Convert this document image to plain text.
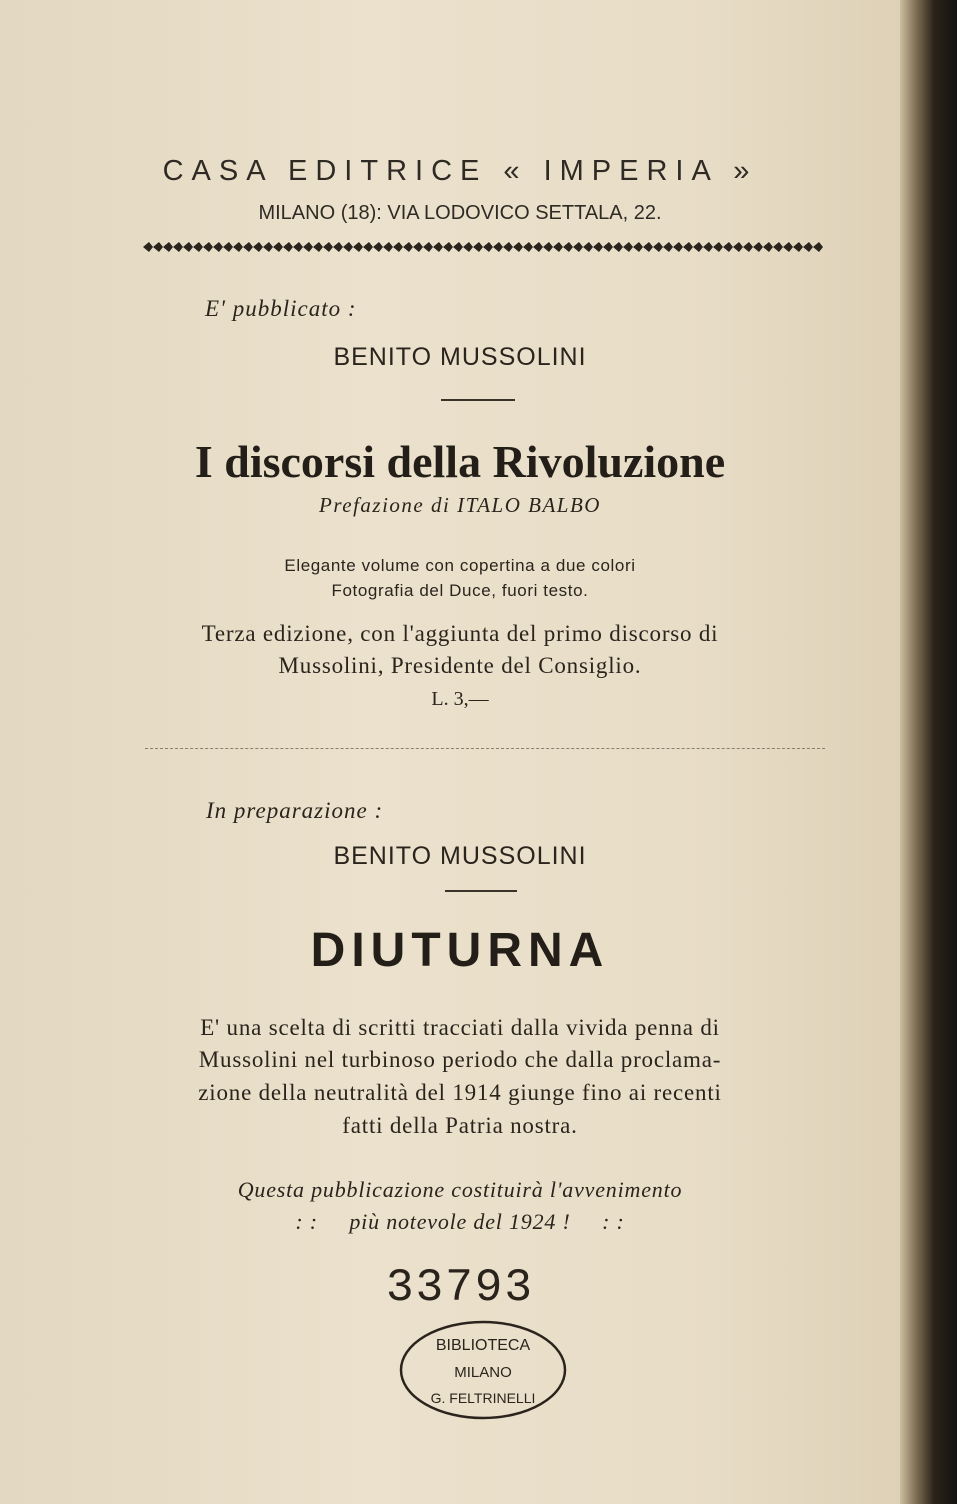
CASA EDITRICE « IMPERIA »
MILANO (18): VIA LODOVICO SETTALA, 22.
E' pubblicato :
BENITO MUSSOLINI
I discorsi della Rivoluzione
Prefazione di ITALO BALBO
Elegante volume con copertina a due colori
Fotografia del Duce, fuori testo.
Terza edizione, con l'aggiunta del primo discorso di
Mussolini, Presidente del Consiglio.
L. 3,—
In preparazione :
BENITO MUSSOLINI
DIUTURNA
E' una scelta di scritti tracciati dalla vivida penna di
Mussolini nel turbinoso periodo che dalla proclama-
zione della neutralità del 1914 giunge fino ai recenti
fatti della Patria nostra.
Questa pubblicazione costituirà l'avvenimento
: :     più notevole del 1924 !     : :
33793
BIBLIOTECA
MILANO
G. FELTRINELLI
